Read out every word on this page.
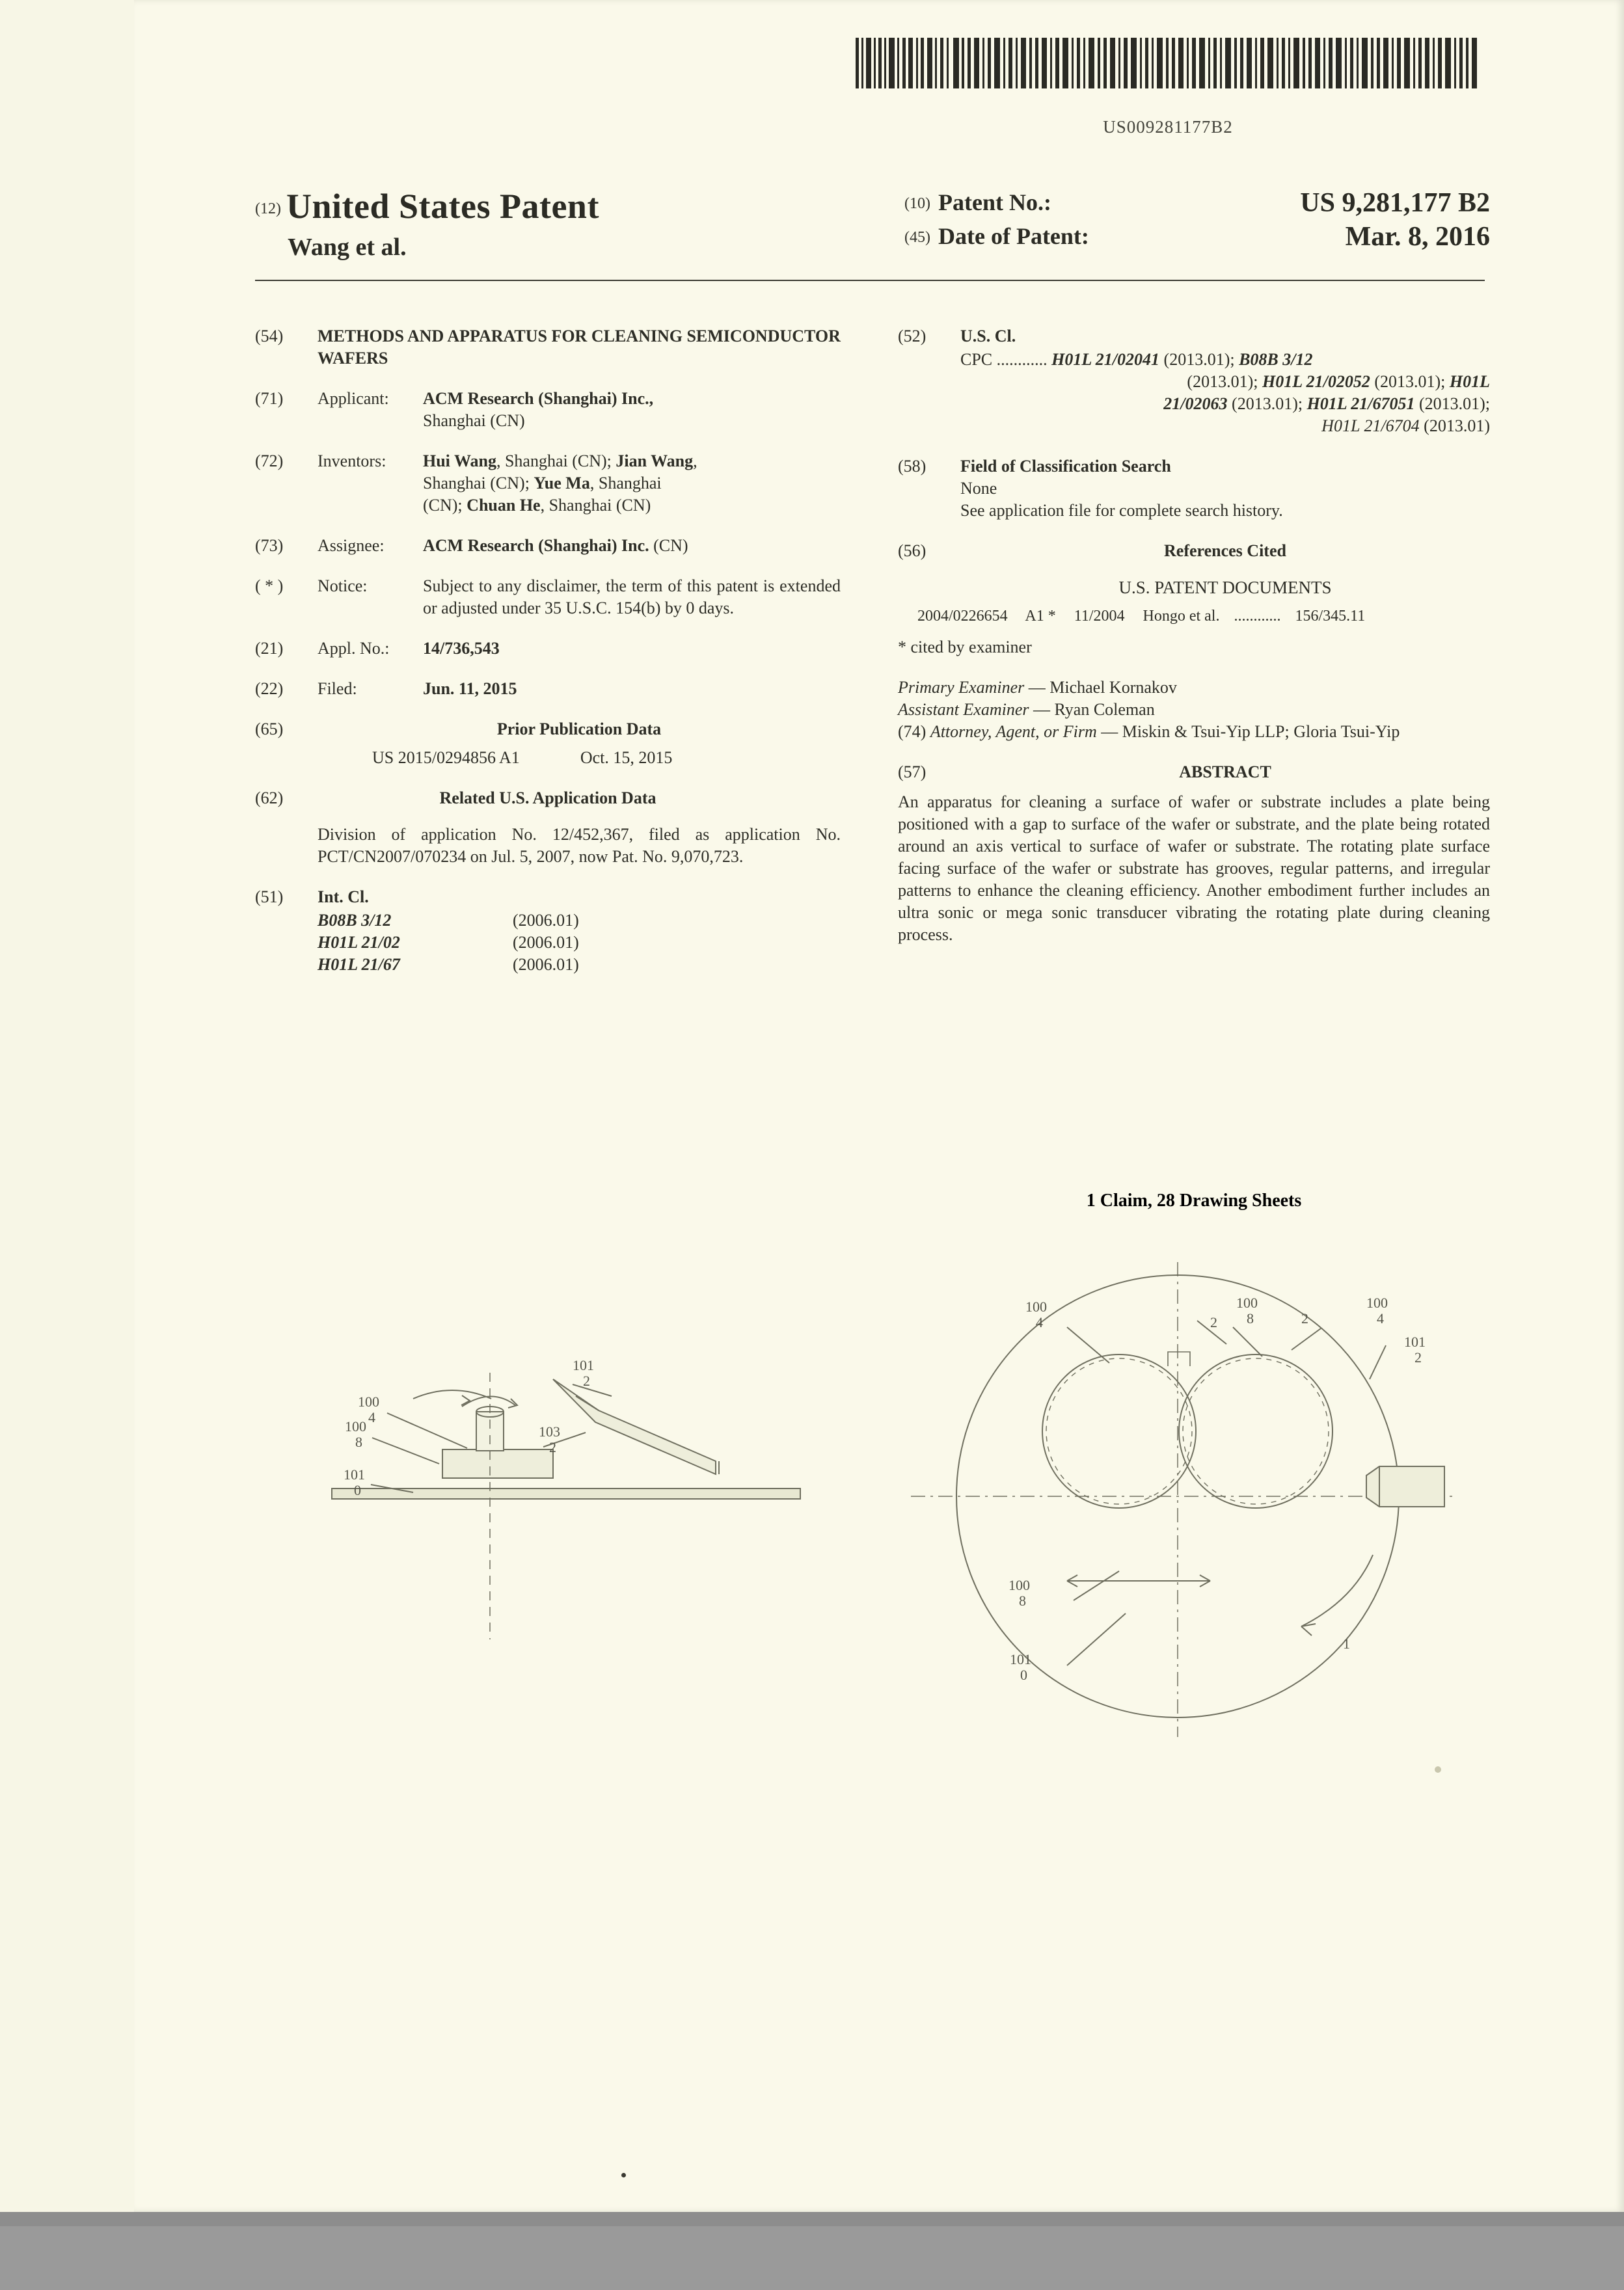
US009281177B2
(12) United States Patent
Wang et al.
(10) Patent No.:	US 9,281,177 B2
(45) Date of Patent:	Mar. 8, 2016
(54)	METHODS AND APPARATUS FOR CLEANING SEMICONDUCTOR WAFERS
(71)	Applicant:	ACM Research (Shanghai) Inc.,
Shanghai (CN)
(72)	Inventors:	Hui Wang, Shanghai (CN); Jian Wang,
Shanghai (CN); Yue Ma, Shanghai
(CN); Chuan He, Shanghai (CN)
(73)	Assignee:	ACM Research (Shanghai) Inc. (CN)
( * )	Notice:	Subject to any disclaimer, the term of this patent is extended or adjusted under 35 U.S.C. 154(b) by 0 days.
(21)	Appl. No.:	14/736,543
(22)	Filed:	Jun. 11, 2015
(65)	Prior Publication Data
US 2015/0294856 A1	Oct. 15, 2015
Related U.S. Application Data
(62)
Division of application No. 12/452,367, filed as application No. PCT/CN2007/070234 on Jul. 5, 2007, now Pat. No. 9,070,723.
(51)	Int. Cl.
B08B 3/12	(2006.01)
H01L 21/02	(2006.01)
H01L 21/67	(2006.01)
(52)	U.S. Cl.
CPC ............ H01L 21/02041 (2013.01); B08B 3/12
(2013.01); H01L 21/02052 (2013.01); H01L
21/02063 (2013.01); H01L 21/67051 (2013.01);
H01L 21/6704 (2013.01)
(58)	Field of Classification Search
None
See application file for complete search history.
(56)	References Cited
U.S. PATENT DOCUMENTS
2004/0226654 A1 * 11/2004 Hongo et al. ............ 156/345.11
* cited by examiner
Primary Examiner — Michael Kornakov
Assistant Examiner — Ryan Coleman
(74) Attorney, Agent, or Firm — Miskin & Tsui-Yip LLP; Gloria Tsui-Yip
(57)	ABSTRACT
An apparatus for cleaning a surface of wafer or substrate includes a plate being positioned with a gap to surface of the wafer or substrate, and the plate being rotated around an axis vertical to surface of wafer or substrate. The rotating plate surface facing surface of the wafer or substrate has grooves, regular patterns, and irregular patterns to enhance the cleaning efficiency. Another embodiment further includes an ultra sonic or mega sonic transducer vibrating the rotating plate during cleaning process.
1 Claim, 28 Drawing Sheets
100
4
100
8
101
0
101
2
103
2
100
4
100
8
100
4
2	2
101
2
100
8
101
0
1
